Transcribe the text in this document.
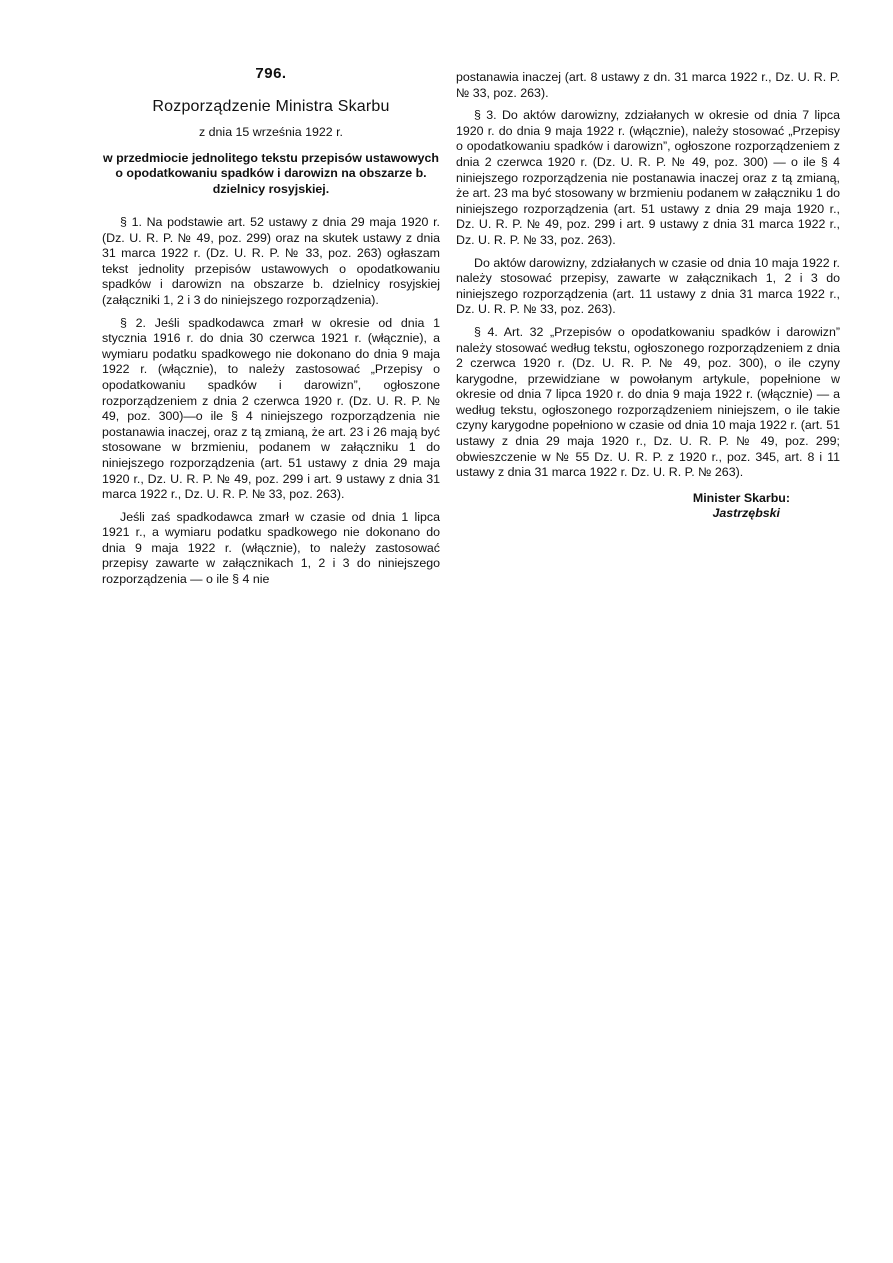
796.
Rozporządzenie Ministra Skarbu
z dnia 15 września 1922 r.
w przedmiocie jednolitego tekstu przepisów ustawowych o opodatkowaniu spadków i darowizn na obszarze b. dzielnicy rosyjskiej.

§ 1. Na podstawie art. 52 ustawy z dnia 29 maja 1920 r. (Dz. U. R. P. № 49, poz. 299) oraz na skutek ustawy z dnia 31 marca 1922 r. (Dz. U. R. P. № 33, poz. 263) ogłaszam tekst jednolity przepisów ustawowych o opodatkowaniu spadków i darowizn na obszarze b. dzielnicy rosyjskiej (załączniki 1, 2 i 3 do niniejszego rozporządzenia).

§ 2. Jeśli spadkodawca zmarł w okresie od dnia 1 stycznia 1916 r. do dnia 30 czerwca 1921 r. (włącznie), a wymiaru podatku spadkowego nie dokonano do dnia 9 maja 1922 r. (włącznie), to należy zastosować „Przepisy o opodatkowaniu spadków i darowizn”, ogłoszone rozporządzeniem z dnia 2 czerwca 1920 r. (Dz. U. R. P. № 49, poz. 300)—o ile § 4 niniejszego rozporządzenia nie postanawia inaczej, oraz z tą zmianą, że art. 23 i 26 mają być stosowane w brzmieniu, podanem w załączniku 1 do niniejszego rozporządzenia (art. 51 ustawy z dnia 29 maja 1920 r., Dz. U. R. P. № 49, poz. 299 i art. 9 ustawy z dnia 31 marca 1922 r., Dz. U. R. P. № 33, poz. 263).

Jeśli zaś spadkodawca zmarł w czasie od dnia 1 lipca 1921 r., a wymiaru podatku spadkowego nie dokonano do dnia 9 maja 1922 r. (włącznie), to należy zastosować przepisy zawarte w załącznikach 1, 2 i 3 do niniejszego rozporządzenia — o ile § 4 nie

postanawia inaczej (art. 8 ustawy z dn. 31 marca 1922 r., Dz. U. R. P. № 33, poz. 263).

§ 3. Do aktów darowizny, zdziałanych w okresie od dnia 7 lipca 1920 r. do dnia 9 maja 1922 r. (włącznie), należy stosować „Przepisy o opodatkowaniu spadków i darowizn”, ogłoszone rozporządzeniem z dnia 2 czerwca 1920 r. (Dz. U. R. P. № 49, poz. 300) — o ile § 4 niniejszego rozporządzenia nie postanawia inaczej oraz z tą zmianą, że art. 23 ma być stosowany w brzmieniu podanem w załączniku 1 do niniejszego rozporządzenia (art. 51 ustawy z dnia 29 maja 1920 r., Dz. U. R. P. № 49, poz. 299 i art. 9 ustawy z dnia 31 marca 1922 r., Dz. U. R. P. № 33, poz. 263).

Do aktów darowizny, zdziałanych w czasie od dnia 10 maja 1922 r. należy stosować przepisy, zawarte w załącznikach 1, 2 i 3 do niniejszego rozporządzenia (art. 11 ustawy z dnia 31 marca 1922 r., Dz. U. R. P. № 33, poz. 263).

§ 4. Art. 32 „Przepisów o opodatkowaniu spadków i darowizn” należy stosować według tekstu, ogłoszonego rozporządzeniem z dnia 2 czerwca 1920 r. (Dz. U. R. P. № 49, poz. 300), o ile czyny karygodne, przewidziane w powołanym artykule, popełnione w okresie od dnia 7 lipca 1920 r. do dnia 9 maja 1922 r. (włącznie) — a według tekstu, ogłoszonego rozporządzeniem niniejszem, o ile takie czyny karygodne popełniono w czasie od dnia 10 maja 1922 r. (art. 51 ustawy z dnia 29 maja 1920 r., Dz. U. R. P. № 49, poz. 299; obwieszczenie w № 55 Dz. U. R. P. z 1920 r., poz. 345, art. 8 i 11 ustawy z dnia 31 marca 1922 r. Dz. U. R. P. № 263).

Minister Skarbu:
Jastrzębski
